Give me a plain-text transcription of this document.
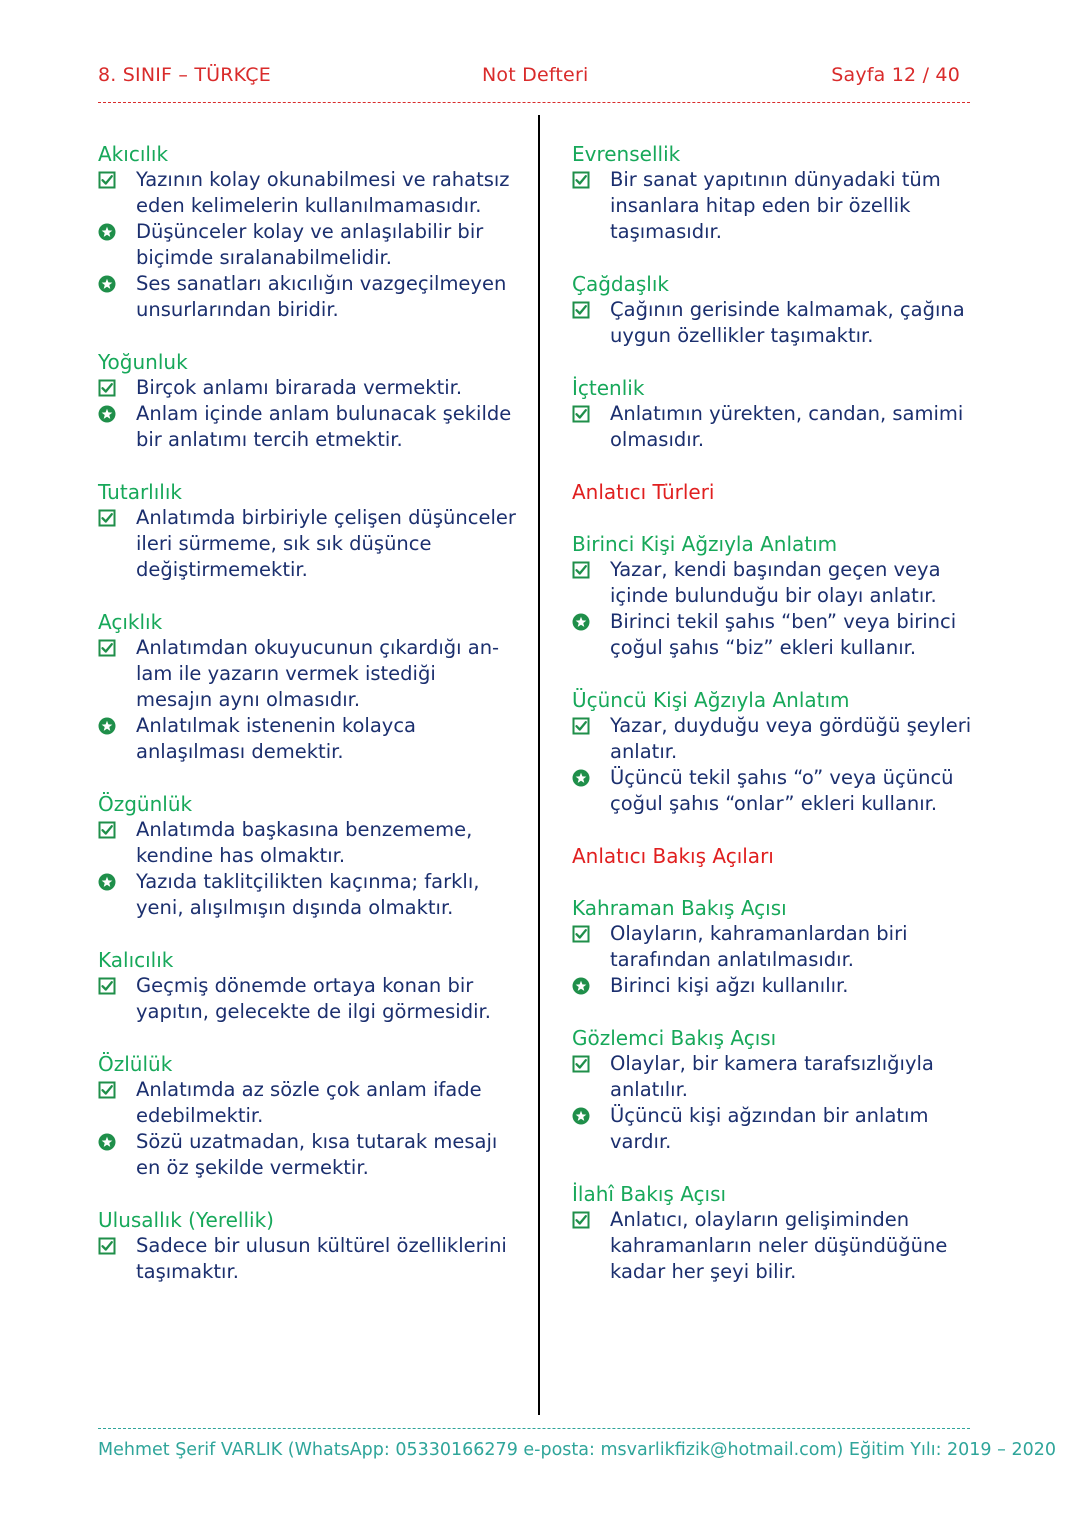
8. SINIF – TÜRKÇE	Not Defteri	Sayfa 12 / 40
Akıcılık
Yazının kolay okunabilmesi ve rahatsız eden kelimelerin kullanılmamasıdır.
Düşünceler kolay ve anlaşılabilir bir biçimde sıralanabilmelidir.
Ses sanatları akıcılığın vazgeçilmeyen unsurlarından biridir.
Yoğunluk
Birçok anlamı birarada vermektir.
Anlam içinde anlam bulunacak şekilde bir anlatımı tercih etmektir.
Tutarlılık
Anlatımda birbiriyle çelişen düşünceler ileri sürmeme, sık sık düşünce değiştirmemektir.
Açıklık
Anlatımdan okuyucunun çıkardığı an-lam ile yazarın vermek istediği mesajın aynı olmasıdır.
Anlatılmak istenenin kolayca anlaşılması demektir.
Özgünlük
Anlatımda başkasına benzememe, kendine has olmaktır.
Yazıda taklitçilikten kaçınma; farklı, yeni, alışılmışın dışında olmaktır.
Kalıcılık
Geçmiş dönemde ortaya konan bir yapıtın, gelecekte de ilgi görmesidir.
Özlülük
Anlatımda az sözle çok anlam ifade edebilmektir.
Sözü uzatmadan, kısa tutarak mesajı en öz şekilde vermektir.
Ulusallık (Yerellik)
Sadece bir ulusun kültürel özelliklerini taşımaktır.
Evrensellik
Bir sanat yapıtının dünyadaki tüm insanlara hitap eden bir özellik taşımasıdır.
Çağdaşlık
Çağının gerisinde kalmamak, çağına uygun özellikler taşımaktır.
İçtenlik
Anlatımın yürekten, candan, samimi olmasıdır.
Anlatıcı Türleri
Birinci Kişi Ağzıyla Anlatım
Yazar, kendi başından geçen veya içinde bulunduğu bir olayı anlatır.
Birinci tekil şahıs “ben” veya birinci çoğul şahıs “biz” ekleri kullanır.
Üçüncü Kişi Ağzıyla Anlatım
Yazar, duyduğu veya gördüğü şeyleri anlatır.
Üçüncü tekil şahıs “o” veya üçüncü çoğul şahıs “onlar” ekleri kullanır.
Anlatıcı Bakış Açıları
Kahraman Bakış Açısı
Olayların, kahramanlardan biri tarafından anlatılmasıdır.
Birinci kişi ağzı kullanılır.
Gözlemci Bakış Açısı
Olaylar, bir kamera tarafsızlığıyla anlatılır.
Üçüncü kişi ağzından bir anlatım vardır.
İlahî Bakış Açısı
Anlatıcı, olayların gelişiminden kahramanların neler düşündüğüne kadar her şeyi bilir.
Mehmet Şerif VARLIK (WhatsApp: 05330166279 e-posta: msvarlikfizik@hotmail.com) Eğitim Yılı: 2019 – 2020
